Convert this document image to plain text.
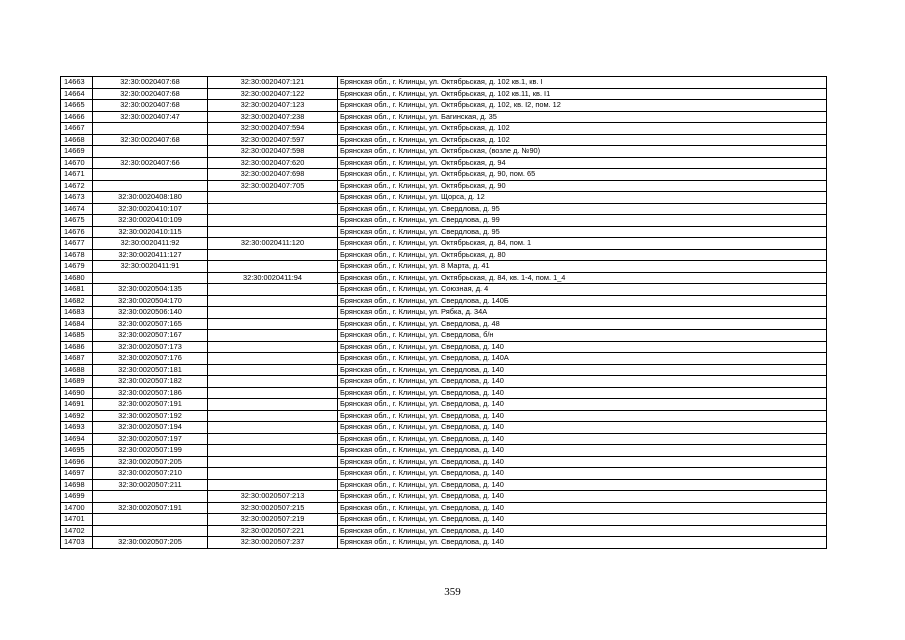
14663	32:30:0020407:68	32:30:0020407:121	Брянская обл., г. Клинцы, ул. Октябрьская, д. 102 кв.1, кв. I
14664	32:30:0020407:68	32:30:0020407:122	Брянская обл., г. Клинцы, ул. Октябрьская, д. 102 кв.11, кв. I1
14665	32:30:0020407:68	32:30:0020407:123	Брянская обл., г. Клинцы, ул. Октябрьская, д. 102, кв. I2, пом. 12
14666	32:30:0020407:47	32:30:0020407:238	Брянская обл., г. Клинцы, ул. Багинская, д. 35
14667		32:30:0020407:594	Брянская обл., г. Клинцы, ул. Октябрьская, д. 102
14668	32:30:0020407:68	32:30:0020407:597	Брянская обл., г. Клинцы, ул. Октябрьская, д. 102
14669		32:30:0020407:598	Брянская обл., г. Клинцы, ул. Октябрьская, (возле д. №90)
14670	32:30:0020407:66	32:30:0020407:620	Брянская обл., г. Клинцы, ул. Октябрьская, д. 94
14671		32:30:0020407:698	Брянская обл., г. Клинцы, ул. Октябрьская, д. 90, пом. 65
14672		32:30:0020407:705	Брянская обл., г. Клинцы, ул. Октябрьская, д. 90
14673	32:30:0020408:180		Брянская обл., г. Клинцы, ул. Щорса, д. 12
14674	32:30:0020410:107		Брянская обл., г. Клинцы, ул. Свердлова, д. 95
14675	32:30:0020410:109		Брянская обл., г. Клинцы, ул. Свердлова, д. 99
14676	32:30:0020410:115		Брянская обл., г. Клинцы, ул. Свердлова, д. 95
14677	32:30:0020411:92	32:30:0020411:120	Брянская обл., г. Клинцы, ул. Октябрьская, д. 84, пом. 1
14678	32:30:0020411:127		Брянская обл., г. Клинцы, ул. Октябрьская, д. 80
14679	32:30:0020411:91		Брянская обл., г. Клинцы, ул. 8 Марта, д. 41
14680		32:30:0020411:94	Брянская обл., г. Клинцы, ул. Октябрьская, д. 84, кв. 1-4, пом. 1_4
14681	32:30:0020504:135		Брянская обл., г. Клинцы, ул. Союзная, д. 4
14682	32:30:0020504:170		Брянская обл., г. Клинцы, ул. Свердлова, д. 140Б
14683	32:30:0020506:140		Брянская обл., г. Клинцы, ул. Рябка, д. 34А
14684	32:30:0020507:165		Брянская обл., г. Клинцы, ул. Свердлова, д. 48
14685	32:30:0020507:167		Брянская обл., г. Клинцы, ул. Свердлова, б/н
14686	32:30:0020507:173		Брянская обл., г. Клинцы, ул. Свердлова, д. 140
14687	32:30:0020507:176		Брянская обл., г. Клинцы, ул. Свердлова, д. 140А
14688	32:30:0020507:181		Брянская обл., г. Клинцы, ул. Свердлова, д. 140
14689	32:30:0020507:182		Брянская обл., г. Клинцы, ул. Свердлова, д. 140
14690	32:30:0020507:186		Брянская обл., г. Клинцы, ул. Свердлова, д. 140
14691	32:30:0020507:191		Брянская обл., г. Клинцы, ул. Свердлова, д. 140
14692	32:30:0020507:192		Брянская обл., г. Клинцы, ул. Свердлова, д. 140
14693	32:30:0020507:194		Брянская обл., г. Клинцы, ул. Свердлова, д. 140
14694	32:30:0020507:197		Брянская обл., г. Клинцы, ул. Свердлова, д. 140
14695	32:30:0020507:199		Брянская обл., г. Клинцы, ул. Свердлова, д. 140
14696	32:30:0020507:205		Брянская обл., г. Клинцы, ул. Свердлова, д. 140
14697	32:30:0020507:210		Брянская обл., г. Клинцы, ул. Свердлова, д. 140
14698	32:30:0020507:211		Брянская обл., г. Клинцы, ул. Свердлова, д. 140
14699		32:30:0020507:213	Брянская обл., г. Клинцы, ул. Свердлова, д. 140
14700	32:30:0020507:191	32:30:0020507:215	Брянская обл., г. Клинцы, ул. Свердлова, д. 140
14701		32:30:0020507:219	Брянская обл., г. Клинцы, ул. Свердлова, д. 140
14702		32:30:0020507:221	Брянская обл., г. Клинцы, ул. Свердлова, д. 140
14703	32:30:0020507:205	32:30:0020507:237	Брянская обл., г. Клинцы, ул. Свердлова, д. 140
359
